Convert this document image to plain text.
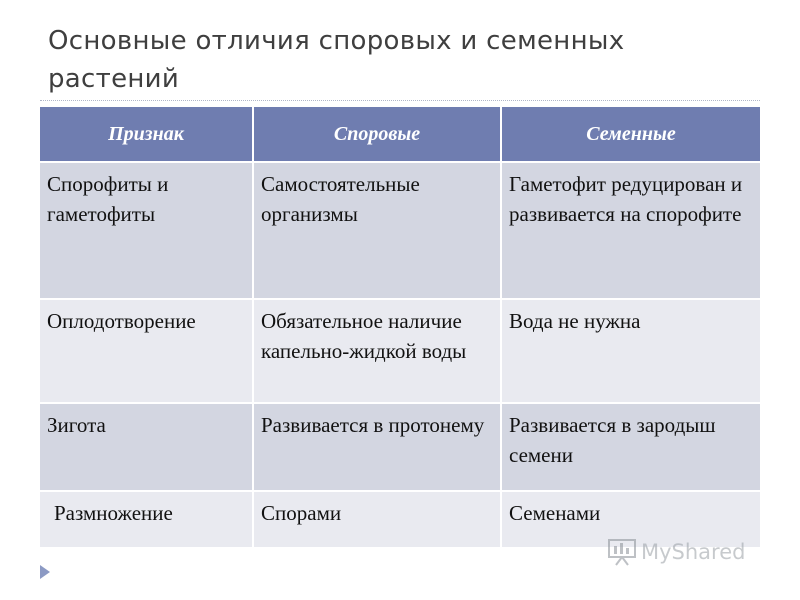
Основные отличия споровых и семенных растений
Признак	Споровые	Семенные
Спорофиты и гаметофиты	Самостоятельные организмы	Гаметофит редуцирован и развивается на спорофите
Оплодотворение	Обязательное наличие капельно-жидкой воды	Вода не нужна
Зигота	Развивается в протонему	Развивается в зародыш семени
Размножение	Спорами	Семенами
MyShared
